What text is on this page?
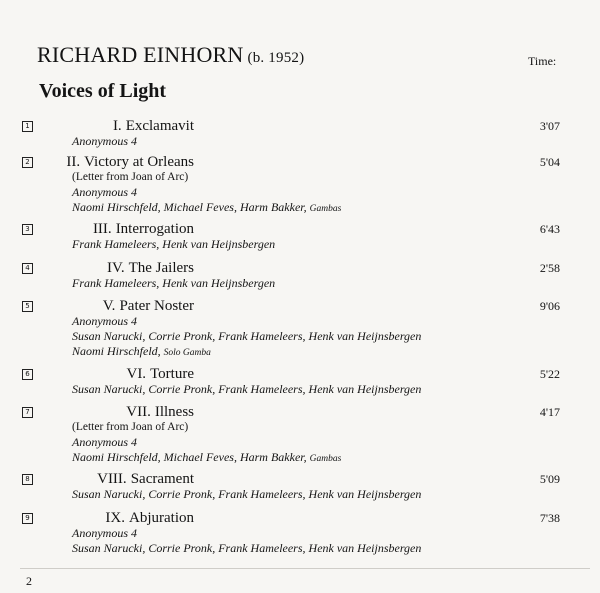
RICHARD EINHORN (b. 1952)	Time:
Voices of Light
1	I. Exclamavit	3'07
Anonymous 4
2 II. Victory at Orleans	5'04
(Letter from Joan of Arc)
Anonymous 4
Naomi Hirschfeld, Michael Feves, Harm Bakker, Gambas
3	III. Interrogation	6'43
Frank Hameleers, Henk van Heijnsbergen
4	IV. The Jailers	2'58
Frank Hameleers, Henk van Heijnsbergen
5	V. Pater Noster	9'06
Anonymous 4
Susan Narucki, Corrie Pronk, Frank Hameleers, Henk van Heijnsbergen
Naomi Hirschfeld, Solo Gamba
6	VI. Torture	5'22
Susan Narucki, Corrie Pronk, Frank Hameleers, Henk van Heijnsbergen
7	VII. Illness	4'17
(Letter from Joan of Arc)
Anonymous 4
Naomi Hirschfeld, Michael Feves, Harm Bakker, Gambas
8	VIII. Sacrament	5'09
Susan Narucki, Corrie Pronk, Frank Hameleers, Henk van Heijnsbergen
9	IX. Abjuration	7'38
Anonymous 4
Susan Narucki, Corrie Pronk, Frank Hameleers, Henk van Heijnsbergen
2
